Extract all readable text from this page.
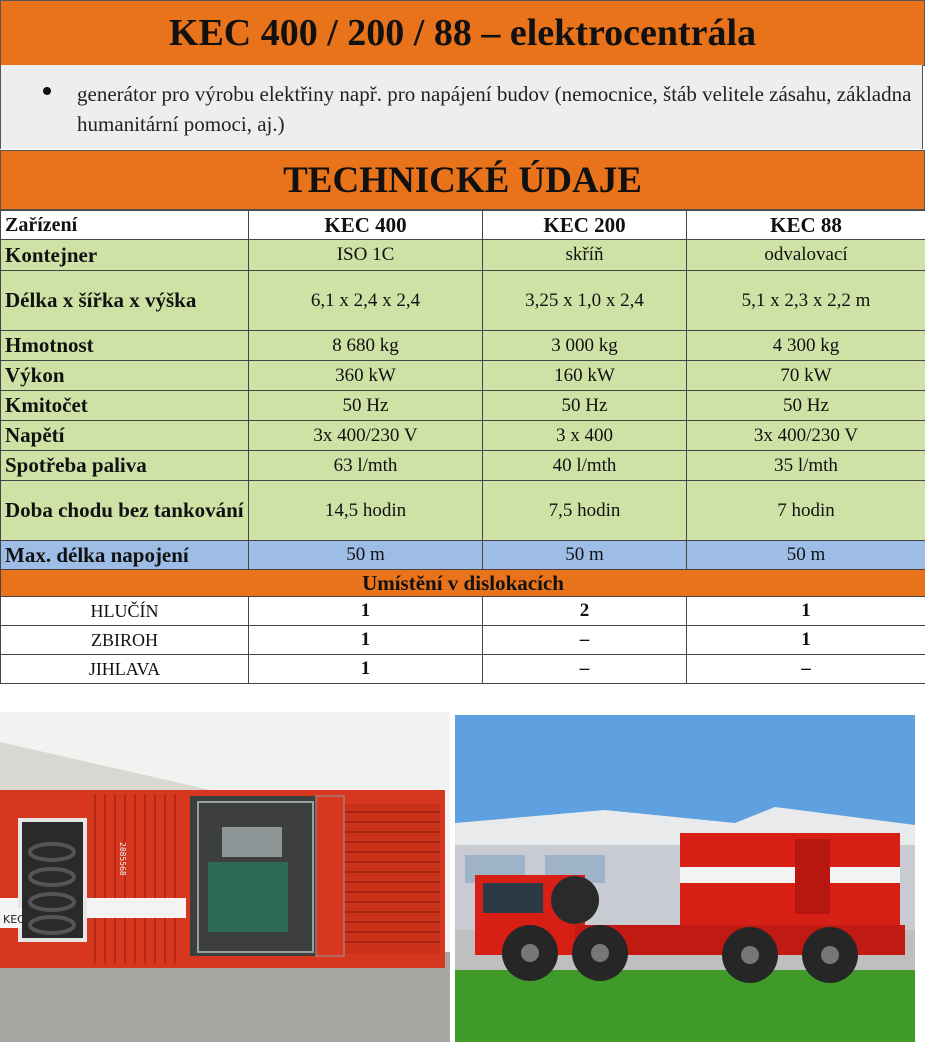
KEC 400 / 200 / 88 – elektrocentrála
generátor pro výrobu elektřiny např. pro napájení budov (nemocnice, štáb velitele zásahu, základna humanitární pomoci, aj.)
TECHNICKÉ ÚDAJE
Zařízení	KEC 400	KEC 200	KEC 88
Kontejner	ISO 1C	skříň	odvalovací
Délka x šířka x výška	6,1 x 2,4 x 2,4	3,25 x 1,0 x 2,4	5,1 x 2,3 x 2,2 m
Hmotnost	8 680 kg	3 000 kg	4 300 kg
Výkon	360 kW	160 kW	70 kW
Kmitočet	50 Hz	50 Hz	50 Hz
Napětí	3x 400/230 V	3 x 400	3x 400/230 V
Spotřeba paliva	63 l/mth	40 l/mth	35 l/mth
Doba chodu bez tankování	14,5 hodin	7,5 hodin	7 hodin
Max. délka napojení	50 m	50 m	50 m
Umístění v dislokacích			
HLUČÍN	1	2	1
ZBIROH	1	–	1
JIHLAVA	1	–	–
KEC
2885568
